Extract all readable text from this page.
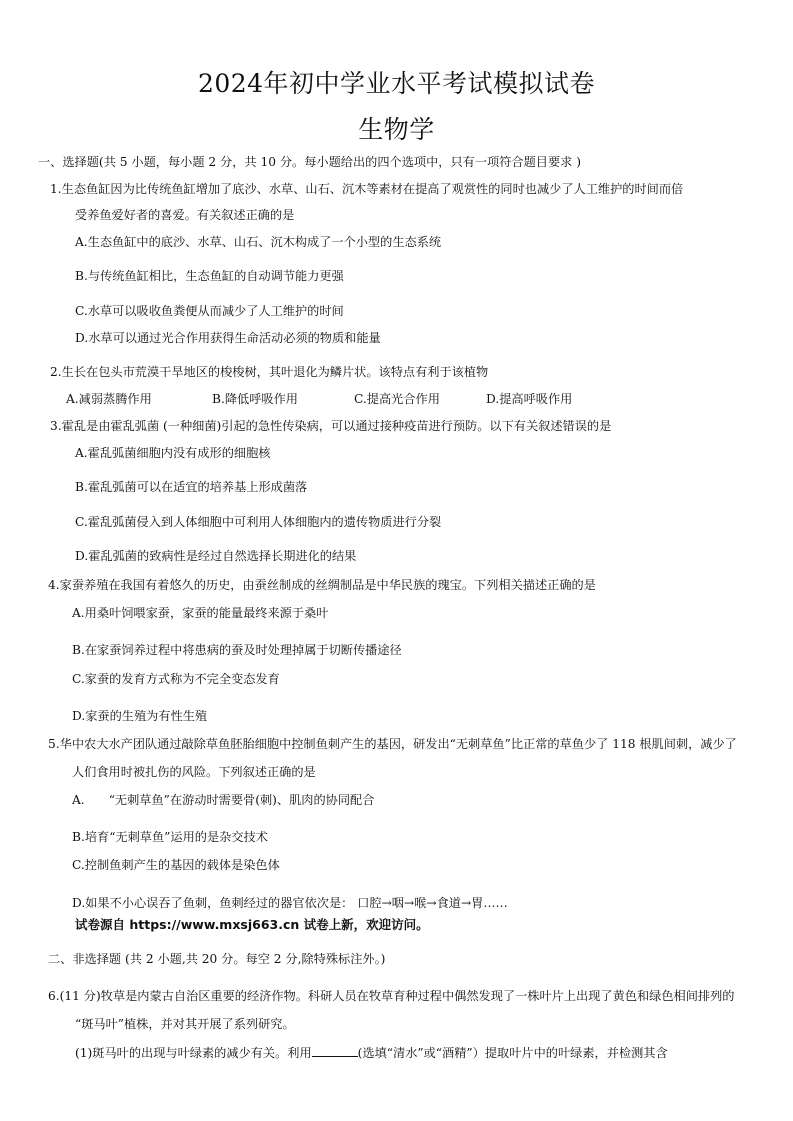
2024年初中学业水平考试模拟试卷
生物学
一、选择题(共 5 小题，每小题 2 分，共 10 分。每小题给出的四个选项中，只有一项符合题目要求 )
1.生态鱼缸因为比传统鱼缸增加了底沙、水草、山石、沉木等素材在提高了观赏性的同时也减少了人工维护的时间而倍
受养鱼爱好者的喜爱。有关叙述正确的是
A.生态鱼缸中的底沙、水草、山石、沉木构成了一个小型的生态系统
B.与传统鱼缸相比，生态鱼缸的自动调节能力更强
C.水草可以吸收鱼粪便从而减少了人工维护的时间
D.水草可以通过光合作用获得生命活动必须的物质和能量
2.生长在包头市荒漠干旱地区的梭梭树，其叶退化为鳞片状。该特点有利于该植物
A.减弱蒸腾作用	B.降低呼吸作用	C.提高光合作用	D.提高呼吸作用
3.霍乱是由霍乱弧菌 (一种细菌)引起的急性传染病，可以通过接种疫苗进行预防。以下有关叙述错误的是
A.霍乱弧菌细胞内没有成形的细胞核
B.霍乱弧菌可以在适宜的培养基上形成菌落
C.霍乱弧菌侵入到人体细胞中可利用人体细胞内的遗传物质进行分裂
D.霍乱弧菌的致病性是经过自然选择长期进化的结果
4.家蚕养殖在我国有着悠久的历史，由蚕丝制成的丝绸制品是中华民族的瑰宝。下列相关描述正确的是
A.用桑叶饲喂家蚕，家蚕的能量最终来源于桑叶
B.在家蚕饲养过程中将患病的蚕及时处理掉属于切断传播途径
C.家蚕的发育方式称为不完全变态发育
D.家蚕的生殖为有性生殖
5.华中农大水产团队通过敲除草鱼胚胎细胞中控制鱼刺产生的基因，研发出“无刺草鱼”比正常的草鱼少了 118 根肌间刺，减少了
人们食用时被扎伤的风险。下列叙述正确的是
A. “无刺草鱼”在游动时需要骨(刺)、肌肉的协同配合
B.培育“无刺草鱼”运用的是杂交技术
C.控制鱼刺产生的基因的载体是染色体
D.如果不小心误吞了鱼刺，鱼刺经过的器官依次是： 口腔→咽→喉→食道→胃……
试卷源自 https://www.mxsj663.cn 试卷上新，欢迎访问。
二、非选择题 (共 2 小题,共 20 分。每空 2 分,除特殊标注外。)
6.(11 分)牧草是内蒙古自治区重要的经济作物。科研人员在牧草育种过程中偶然发现了一株叶片上出现了黄色和绿色相间排列的
“斑马叶”植株，并对其开展了系列研究。
(1)斑马叶的出现与叶绿素的减少有关。利用	(选填“清水”或“酒精”）提取叶片中的叶绿素，并检测其含
